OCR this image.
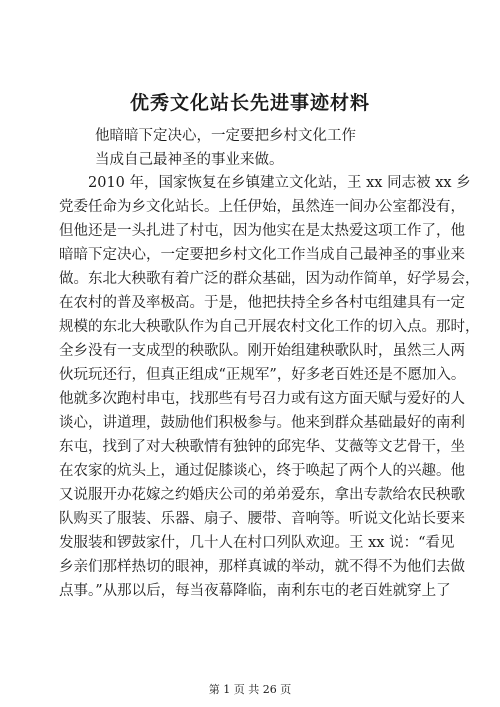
优秀文化站长先进事迹材料
他暗暗下定决心，一定要把乡村文化工作
当成自己最神圣的事业来做。
2010 年，国家恢复在乡镇建立文化站，王 xx 同志被 xx 乡
党委任命为乡文化站长。上任伊始，虽然连一间办公室都没有，
但他还是一头扎进了村屯，因为他实在是太热爱这项工作了，他
暗暗下定决心，一定要把乡村文化工作当成自己最神圣的事业来
做。东北大秧歌有着广泛的群众基础，因为动作简单，好学易会，
在农村的普及率极高。于是，他把扶持全乡各村屯组建具有一定
规模的东北大秧歌队作为自己开展农村文化工作的切入点。那时，
全乡没有一支成型的秧歌队。刚开始组建秧歌队时，虽然三人两
伙玩玩还行，但真正组成“正规军”，好多老百姓还是不愿加入。
他就多次跑村串屯，找那些有号召力或有这方面天赋与爱好的人
谈心，讲道理，鼓励他们积极参与。他来到群众基础最好的南利
东屯，找到了对大秧歌情有独钟的邱宪华、艾薇等文艺骨干，坐
在农家的炕头上，通过促膝谈心，终于唤起了两个人的兴趣。他
又说服开办花嫁之约婚庆公司的弟弟爱东，拿出专款给农民秧歌
队购买了服装、乐器、扇子、腰带、音响等。听说文化站长要来
发服装和锣鼓家什，几十人在村口列队欢迎。王 xx 说：“看见
乡亲们那样热切的眼神，那样真诚的举动，就不得不为他们去做
点事。”从那以后，每当夜幕降临，南利东屯的老百姓就穿上了
第 1 页 共 26 页
